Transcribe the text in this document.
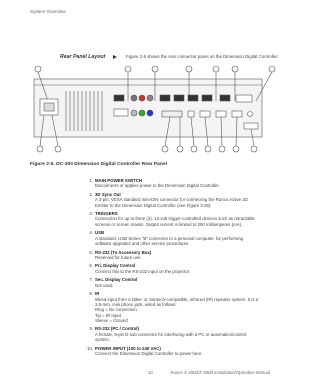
System Overview
Rear Panel Layout	Figure 2-5 shows the rear connector panel on the Dimension Digital Controller.
Figure 2-5. DC-300 Dimension Digital Controller Rear Panel
1. MAIN POWER SWITCH
Disconnects or applies power to the Dimension Digital Controller.
2. 3D Sync Out
A 3-pin, VESA standard mini-DIN connector for connecting the Runco Active 3D
Emitter to the Dimension Digital Controller (see Figure 3-28).
3. TRIGGERS
Connection for up to three (3), 12-volt trigger-controlled devices such as retractable
screens or screen masks. Output current is limited to 250 milliamperes (mA).
4. USB
A standard, USB Series "B" connector to a personal computer, for performing
software upgrades and other service procedures.
5. RS-232 (To Accessory Box)
Reserved for future use.
6. Pri. Display Control
Connect this to the RS-232 input on the projector.
7. Sec. Display Control
Not used.
8. IR
Wired input from a Niles- or Xantech-compatible, infrared (IR) repeater system. It is a
3.5-mm, mini phono jack, wired as follows:
Ring = No connection
Tip = IR Input
Sleeve = Ground
9. RS-232 (PC / Control)
A female, 9-pin D-sub connector for interfacing with a PC or automation/control
system.
10. POWER INPUT (100 to 240 VAC)
Connect the Dimension Digital Controller to power here.
10	Runco X-400d/X-500d Installation/Operation Manual
